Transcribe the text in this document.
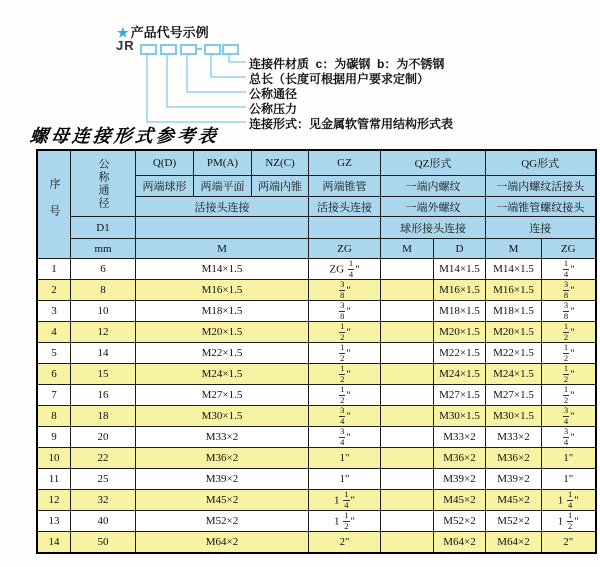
★ 产品代号示例
JR
连接件材质  c：为碳钢  b：为不锈钢
总长（长度可根据用户要求定制）
公称通径
公称压力
连接形式：见金属软管常用结构形式表
螺母连接形式参考表
序号	公称通径	Q(D)	PM(A)	NZ(C)	GZ	QZ形式		QG形式	
		两端球形	两端平面	两端内锥	两端锥管	一端内螺纹		一端内螺纹活接头	
		活接头连接			活接头连接	一端外螺纹		一端锥管螺纹接头	
	D1					球形接头连接		连接	
	mm	M			ZG	M	D	M	ZG
1	6	M14×1.5			ZG $\frac{1}{4}$ "		M14×1.5	M14×1.5	$\frac{1}{4}$ "
2	8	M16×1.5			$\frac{3}{8}$ "		M16×1.5	M16×1.5	$\frac{3}{8}$ "
3	10	M18×1.5			$\frac{3}{8}$ "		M18×1.5	M18×1.5	$\frac{3}{8}$ "
4	12	M20×1.5			$\frac{1}{2}$ "		M20×1.5	M20×1.5	$\frac{1}{2}$ "
5	14	M22×1.5			$\frac{1}{2}$ "		M22×1.5	M22×1.5	$\frac{1}{2}$ "
6	15	M24×1.5			$\frac{1}{2}$ "		M24×1.5	M24×1.5	$\frac{1}{2}$ "
7	16	M27×1.5			$\frac{1}{2}$ "		M27×1.5	M27×1.5	$\frac{1}{2}$ "
8	18	M30×1.5			$\frac{3}{4}$ "		M30×1.5	M30×1.5	$\frac{3}{4}$ "
9	20	M33×2			$\frac{3}{4}$ "		M33×2	M33×2	$\frac{3}{4}$ "
10	22	M36×2			1"		M36×2	M36×2	1"
11	25	M39×2			1"		M39×2	M39×2	1"
12	32	M45×2			$1 \frac{1}{4}$ "		M45×2	M45×2	$1 \frac{1}{4}$ "
13	40	M52×2			$1 \frac{1}{2}$ "		M52×2	M52×2	$1 \frac{1}{2}$ "
14	50	M64×2			2"		M64×2	M64×2	2"
